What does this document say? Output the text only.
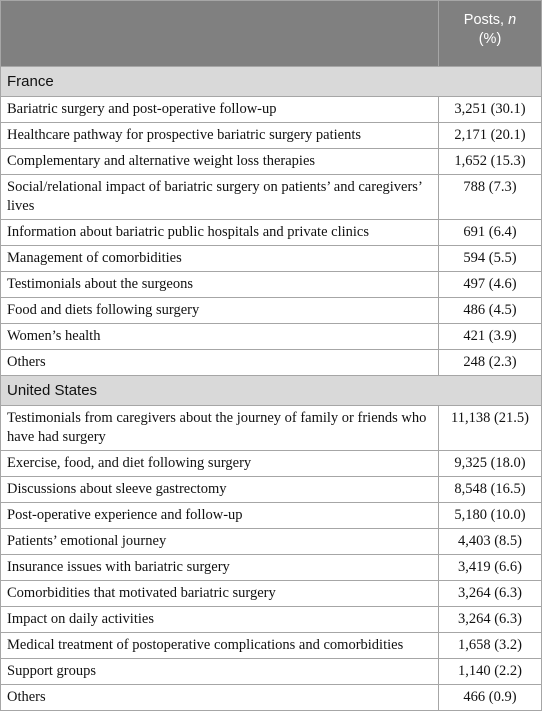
	Posts, n
(%)

France	
Bariatric surgery and post-operative follow-up	3,251 (30.1)
Healthcare pathway for prospective bariatric surgery patients	2,171 (20.1)
Complementary and alternative weight loss therapies	1,652 (15.3)
Social/relational impact of bariatric surgery on patients’ and caregivers’ lives	788 (7.3)
Information about bariatric public hospitals and private clinics	691 (6.4)
Management of comorbidities	594 (5.5)
Testimonials about the surgeons	497 (4.6)
Food and diets following surgery	486 (4.5)
Women’s health	421 (3.9)
Others	248 (2.3)
United States	
Testimonials from caregivers about the journey of family or friends who have had surgery	11,138 (21.5)
Exercise, food, and diet following surgery	9,325 (18.0)
Discussions about sleeve gastrectomy	8,548 (16.5)
Post-operative experience and follow-up	5,180 (10.0)
Patients’ emotional journey	4,403 (8.5)
Insurance issues with bariatric surgery	3,419 (6.6)
Comorbidities that motivated bariatric surgery	3,264 (6.3)
Impact on daily activities	3,264 (6.3)
Medical treatment of postoperative complications and comorbidities	1,658 (3.2)
Support groups	1,140 (2.2)
Others	466 (0.9)
